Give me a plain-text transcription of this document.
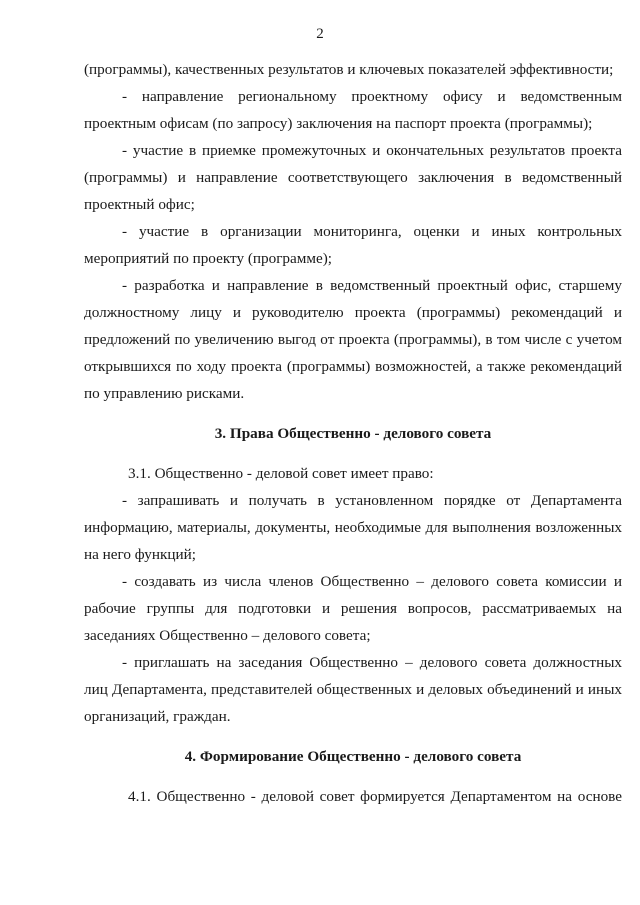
2

(программы), качественных результатов и ключевых показателей эффективности;

- направление региональному проектному офису и ведомственным проектным офисам (по запросу) заключения на паспорт проекта (программы);

- участие в приемке промежуточных и окончательных результатов проекта (программы) и направление соответствующего заключения в ведомственный проектный офис;

- участие в организации мониторинга, оценки и иных контрольных мероприятий по проекту (программе);

- разработка и направление в ведомственный проектный офис, старшему должностному лицу и руководителю проекта (программы) рекомендаций и предложений по увеличению выгод от проекта (программы), в том числе с учетом открывшихся по ходу проекта (программы) возможностей, а также рекомендаций по управлению рисками.

3. Права Общественно - делового совета

3.1. Общественно - деловой совет имеет право:

- запрашивать и получать в установленном порядке от Департамента информацию, материалы, документы, необходимые для выполнения возложенных на него функций;

- создавать из числа членов Общественно – делового совета комиссии и рабочие группы для подготовки и решения вопросов, рассматриваемых на заседаниях Общественно – делового совета;

- приглашать на заседания Общественно – делового совета должностных лиц Департамента, представителей общественных и деловых объединений и иных организаций, граждан.

4. Формирование Общественно - делового совета

4.1. Общественно - деловой совет формируется Департаментом на основе
